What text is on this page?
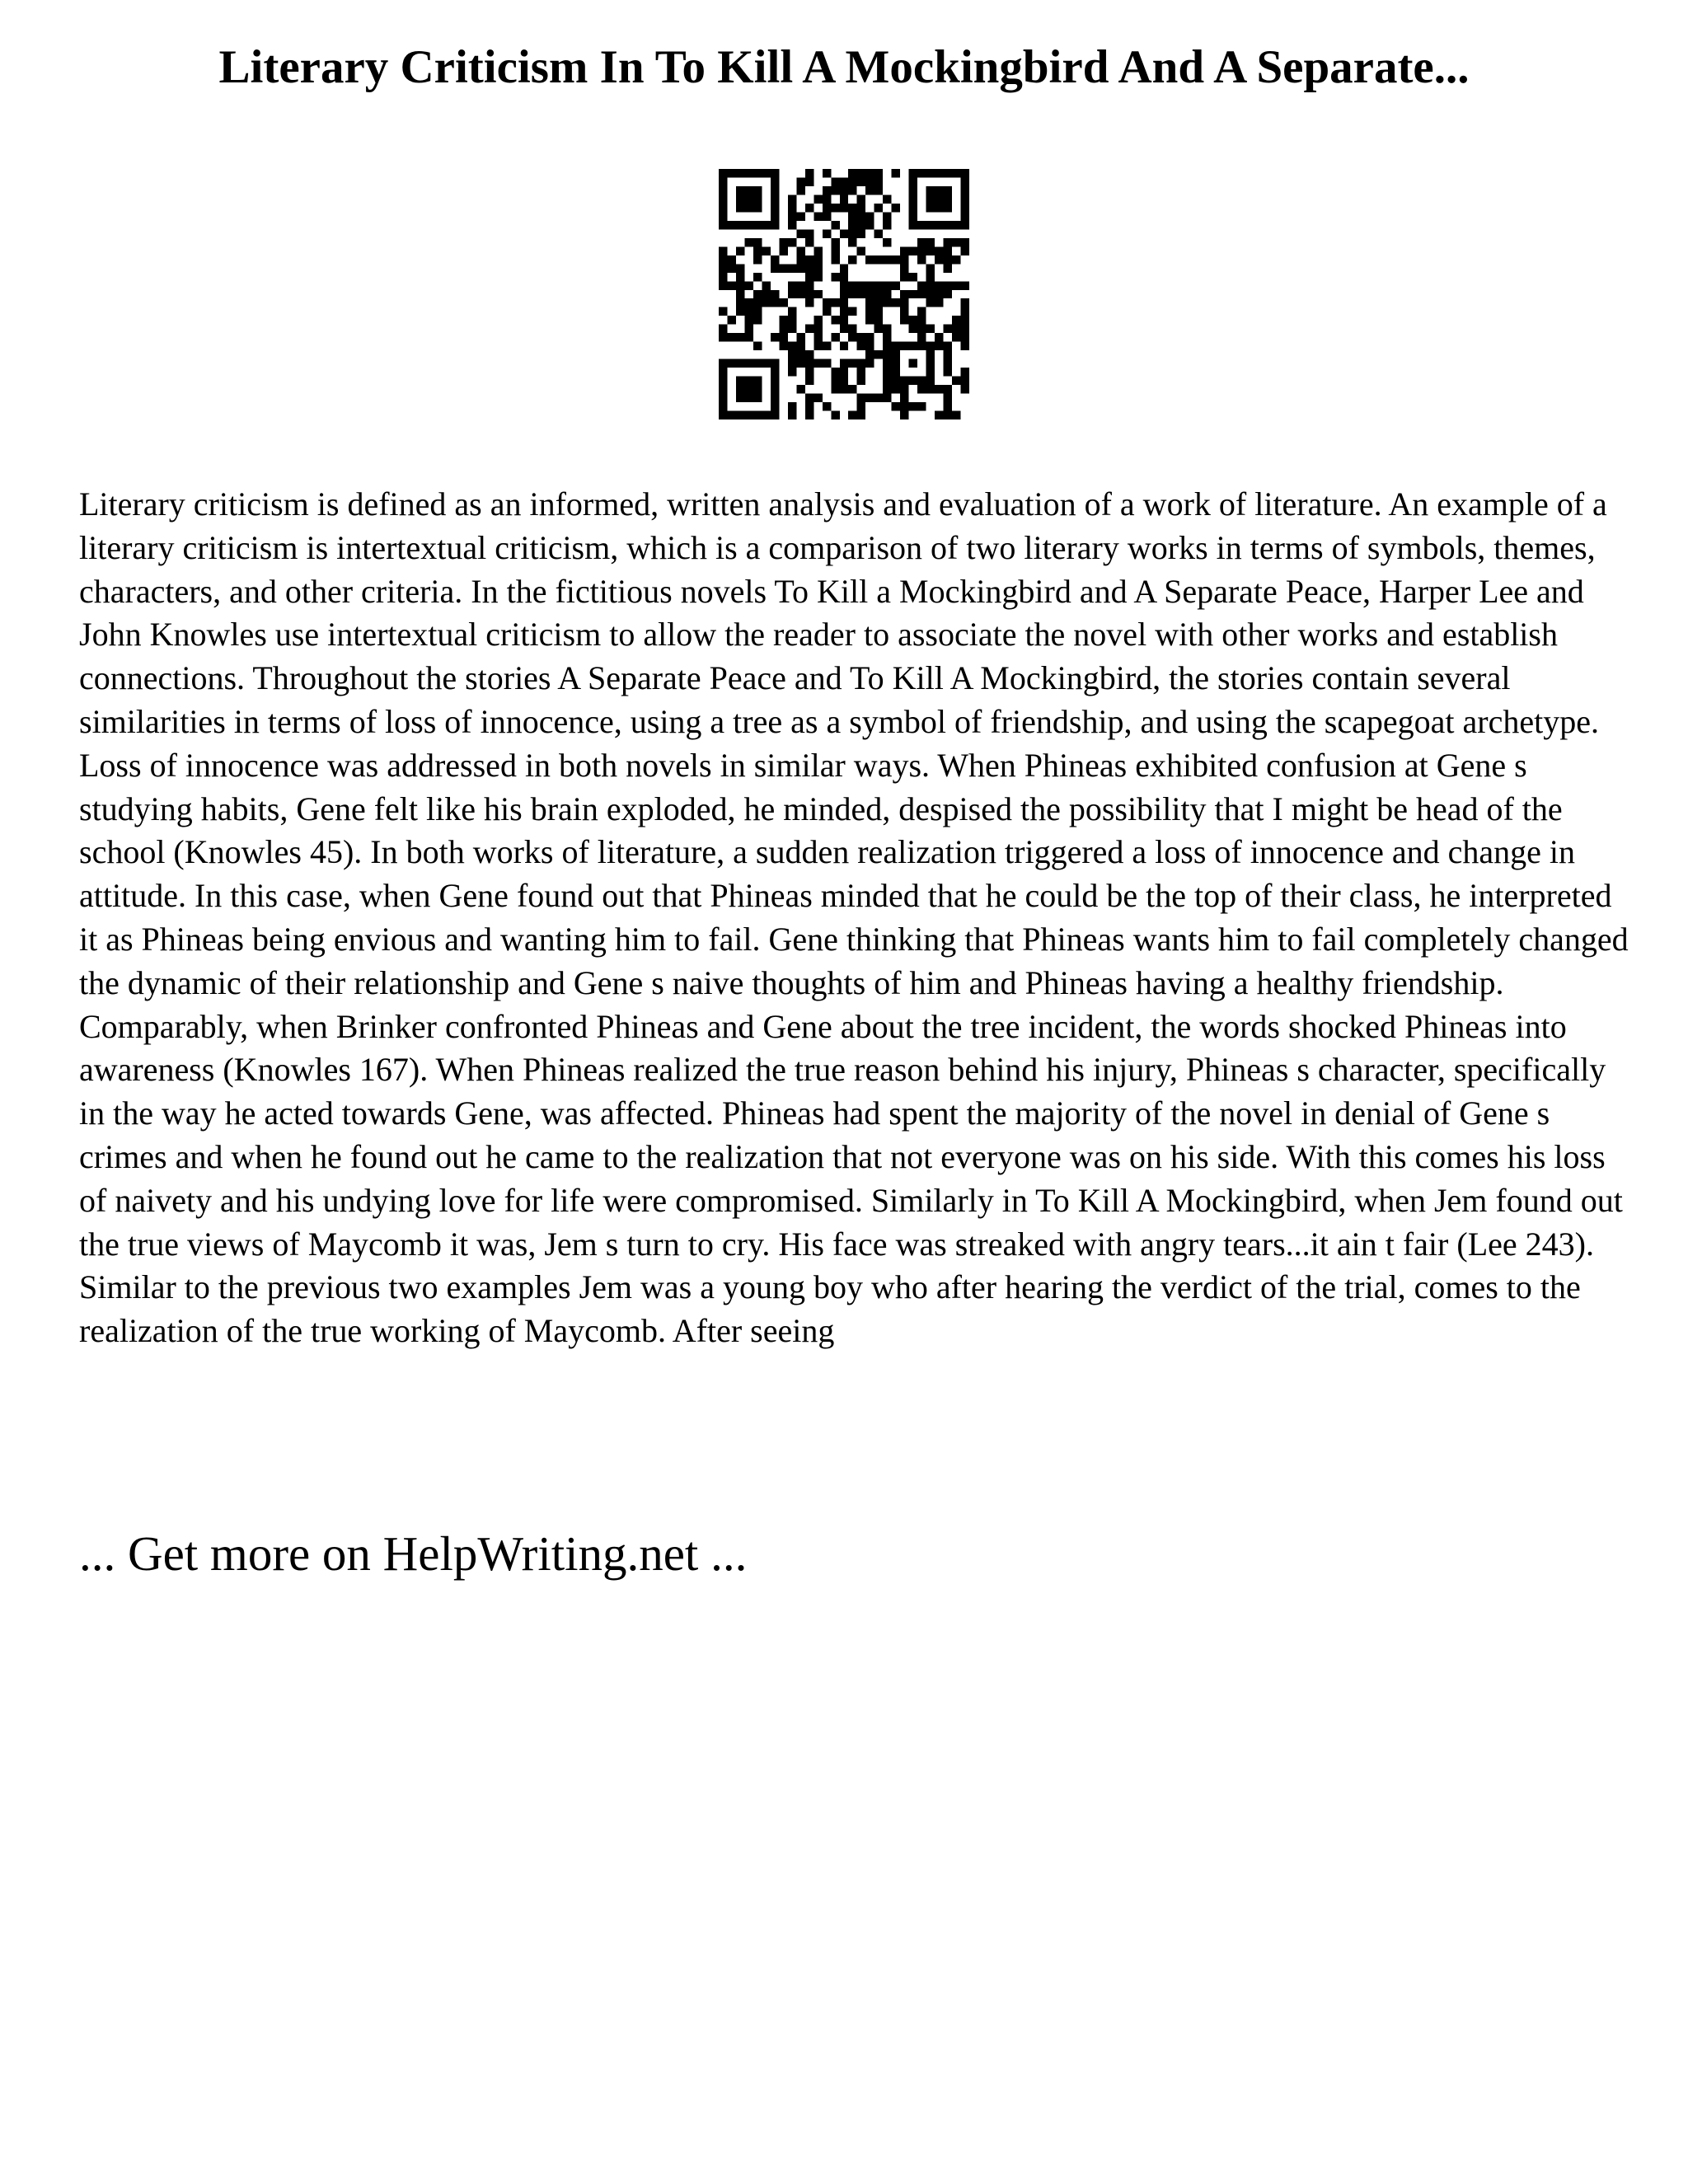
Literary Criticism In To Kill A Mockingbird And A Separate...

Literary criticism is defined as an informed, written analysis and evaluation of a work of literature. An example of a literary criticism is intertextual criticism, which is a comparison of two literary works in terms of symbols, themes, characters, and other criteria. In the fictitious novels To Kill a Mockingbird and A Separate Peace, Harper Lee and John Knowles use intertextual criticism to allow the reader to associate the novel with other works and establish connections. Throughout the stories A Separate Peace and To Kill A Mockingbird, the stories contain several similarities in terms of loss of innocence, using a tree as a symbol of friendship, and using the scapegoat archetype. Loss of innocence was addressed in both novels in similar ways. When Phineas exhibited confusion at Gene s studying habits, Gene felt like his brain exploded, he minded, despised the possibility that I might be head of the school (Knowles 45). In both works of literature, a sudden realization triggered a loss of innocence and change in attitude. In this case, when Gene found out that Phineas minded that he could be the top of their class, he interpreted it as Phineas being envious and wanting him to fail. Gene thinking that Phineas wants him to fail completely changed the dynamic of their relationship and Gene s naive thoughts of him and Phineas having a healthy friendship. Comparably, when Brinker confronted Phineas and Gene about the tree incident, the words shocked Phineas into awareness (Knowles 167). When Phineas realized the true reason behind his injury, Phineas s character, specifically in the way he acted towards Gene, was affected. Phineas had spent the majority of the novel in denial of Gene s crimes and when he found out he came to the realization that not everyone was on his side. With this comes his loss of naivety and his undying love for life were compromised. Similarly in To Kill A Mockingbird, when Jem found out the true views of Maycomb it was, Jem s turn to cry. His face was streaked with angry tears...it ain t fair (Lee 243). Similar to the previous two examples Jem was a young boy who after hearing the verdict of the trial, comes to the realization of the true working of Maycomb. After seeing

... Get more on HelpWriting.net ...
